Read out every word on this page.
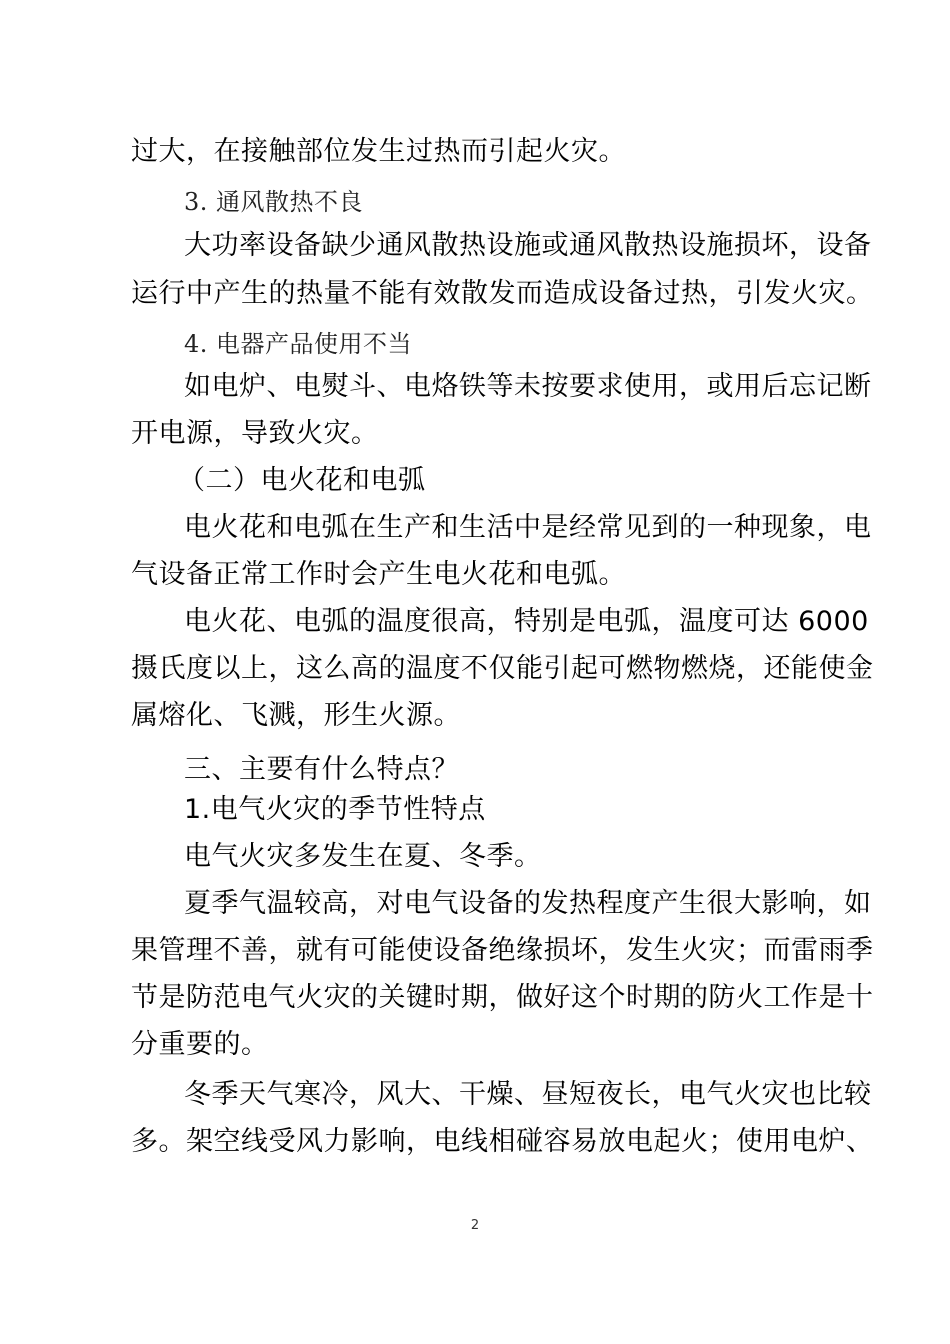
过大，在接触部位发生过热而引起火灾。
3. 通风散热不良
大功率设备缺少通风散热设施或通风散热设施损坏，设备
运行中产生的热量不能有效散发而造成设备过热，引发火灾。
4. 电器产品使用不当
如电炉、电熨斗、电烙铁等未按要求使用，或用后忘记断
开电源，导致火灾。
（二）电火花和电弧
电火花和电弧在生产和生活中是经常见到的一种现象，电
气设备正常工作时会产生电火花和电弧。
电火花、电弧的温度很高，特别是电弧，温度可达 6000
摄氏度以上，这么高的温度不仅能引起可燃物燃烧，还能使金
属熔化、飞溅，形生火源。
三、主要有什么特点？
1.电气火灾的季节性特点
电气火灾多发生在夏、冬季。
夏季气温较高，对电气设备的发热程度产生很大影响，如
果管理不善，就有可能使设备绝缘损坏，发生火灾；而雷雨季
节是防范电气火灾的关键时期，做好这个时期的防火工作是十
分重要的。
冬季天气寒冷，风大、干燥、昼短夜长，电气火灾也比较
多。架空线受风力影响，电线相碰容易放电起火；使用电炉、
2
